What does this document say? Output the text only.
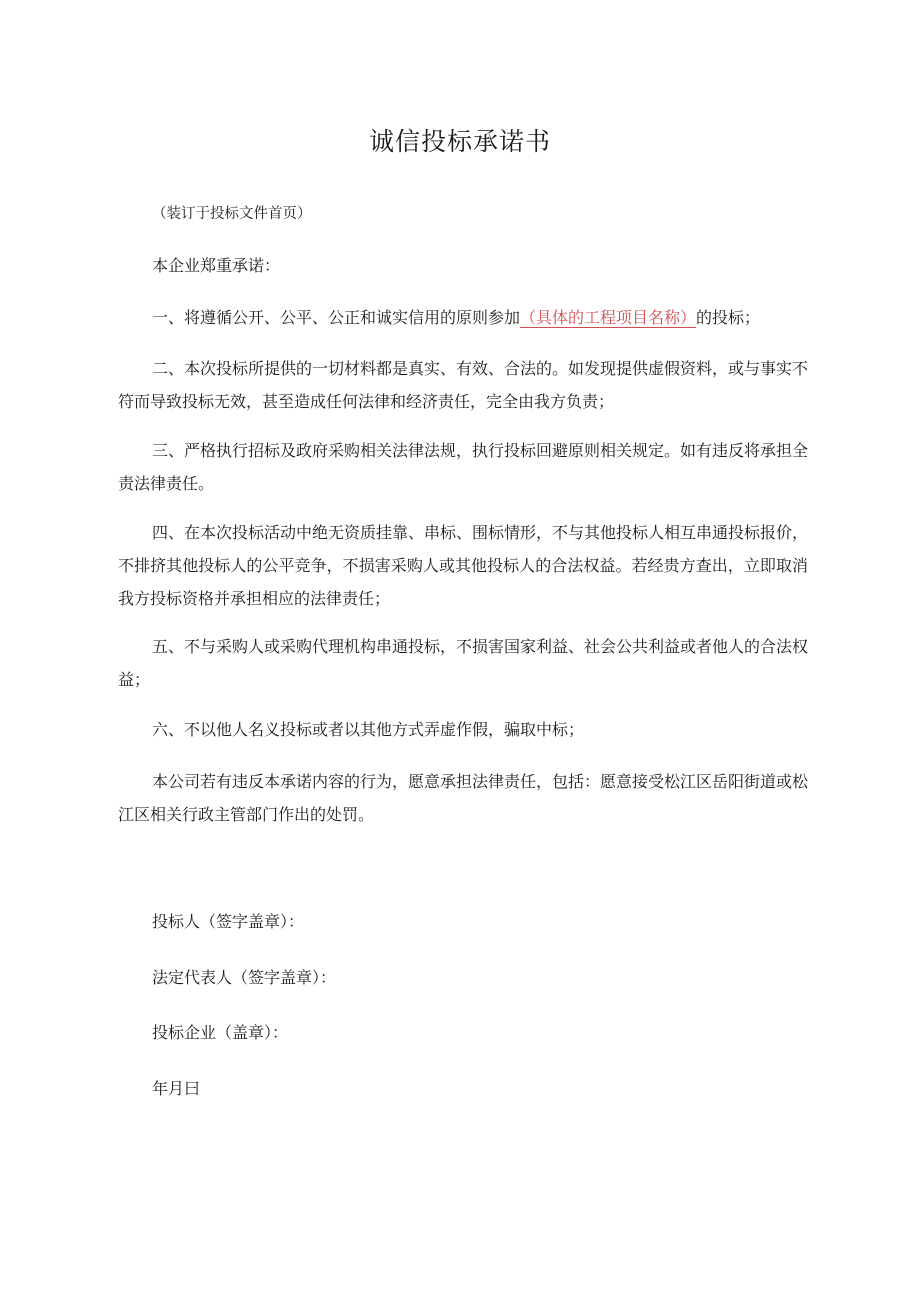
诚信投标承诺书
（装订于投标文件首页）
本企业郑重承诺：
一、将遵循公开、公平、公正和诚实信用的原则参加（具体的工程项目名称）的投标；
二、本次投标所提供的一切材料都是真实、有效、合法的。如发现提供虚假资料，或与事实不符而导致投标无效，甚至造成任何法律和经济责任，完全由我方负责；
三、严格执行招标及政府采购相关法律法规，执行投标回避原则相关规定。如有违反将承担全责法律责任。
四、在本次投标活动中绝无资质挂靠、串标、围标情形，不与其他投标人相互串通投标报价，不排挤其他投标人的公平竞争，不损害采购人或其他投标人的合法权益。若经贵方查出，立即取消我方投标资格并承担相应的法律责任；
五、不与采购人或采购代理机构串通投标，不损害国家利益、社会公共利益或者他人的合法权益；
六、不以他人名义投标或者以其他方式弄虚作假，骗取中标；
本公司若有违反本承诺内容的行为，愿意承担法律责任，包括：愿意接受松江区岳阳街道或松江区相关行政主管部门作出的处罚。
投标人（签字盖章）：
法定代表人（签字盖章）：
投标企业（盖章）：
年月曰
